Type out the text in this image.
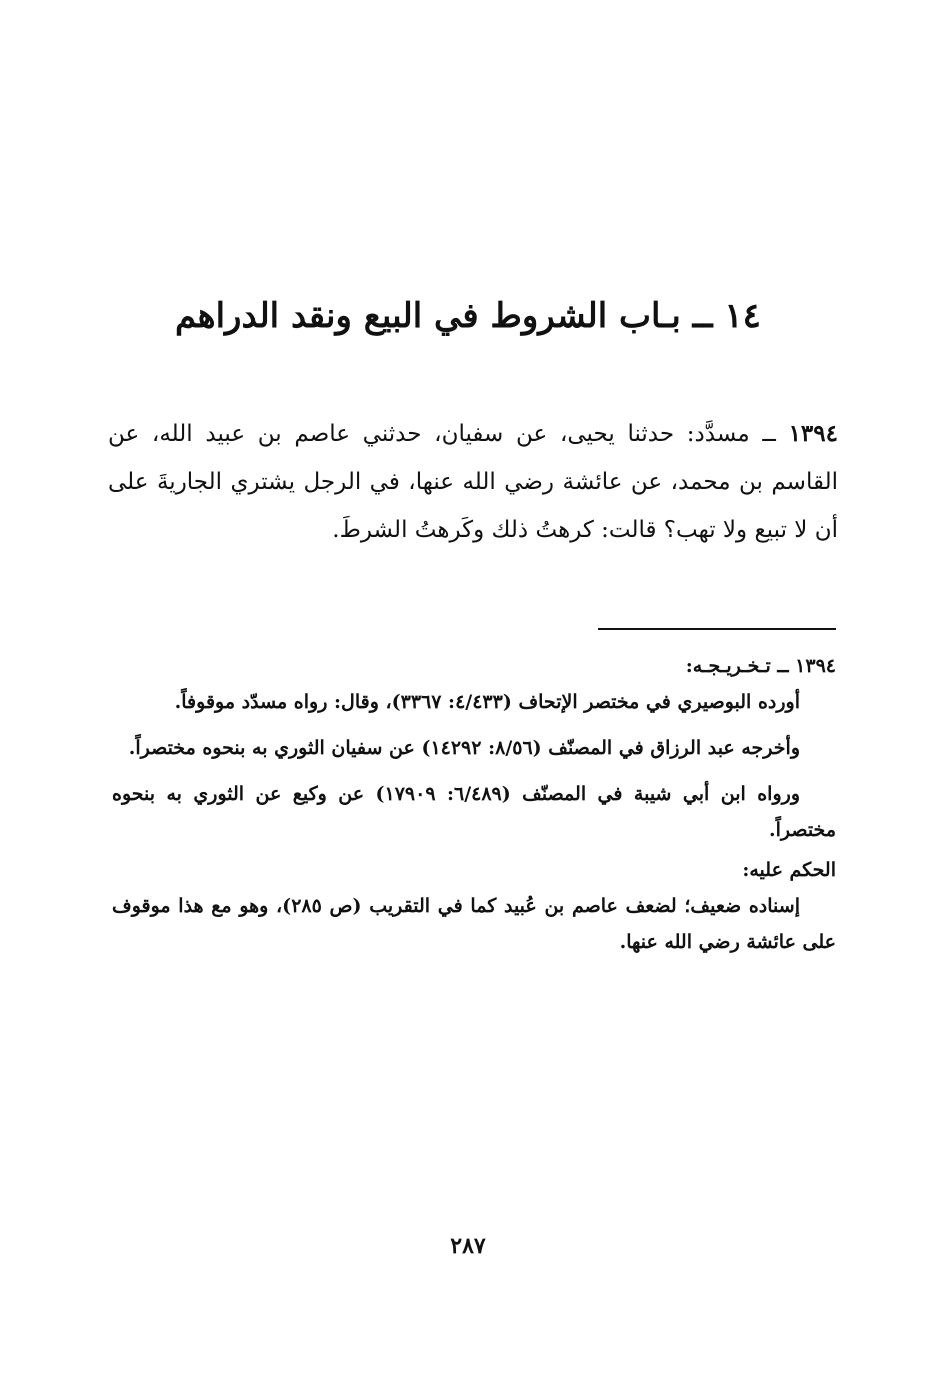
١٤ ــ بـاب الشروط في البيع ونقد الدراهم
١٣٩٤ ــ مسدَّد: حدثنا يحيى، عن سفيان، حدثني عاصم بن عبيد الله، عن القاسم بن محمد، عن عائشة رضي الله عنها، في الرجل يشتري الجاريةَ على أن لا تبيع ولا تهب؟ قالت: كرهتُ ذلك وكَرهتُ الشرطَ.

١٣٩٤ ــ تـخـريـجـه:

أورده البوصيري في مختصر الإتحاف (٤/٤٣٣: ٣٣٦٧)، وقال: رواه مسدّد موقوفاً.

وأخرجه عبد الرزاق في المصنّف (٨/٥٦: ١٤٢٩٢) عن سفيان الثوري به بنحوه مختصراً.

ورواه ابن أبي شيبة في المصنّف (٦/٤٨٩: ١٧٩٠٩) عن وكيع عن الثوري به بنحوه مختصراً.

الحكم عليه:

إسناده ضعيف؛ لضعف عاصم بن عُبيد كما في التقريب (ص ٢٨٥)، وهو مع هذا موقوف على عائشة رضي الله عنها.

٢٨٧
